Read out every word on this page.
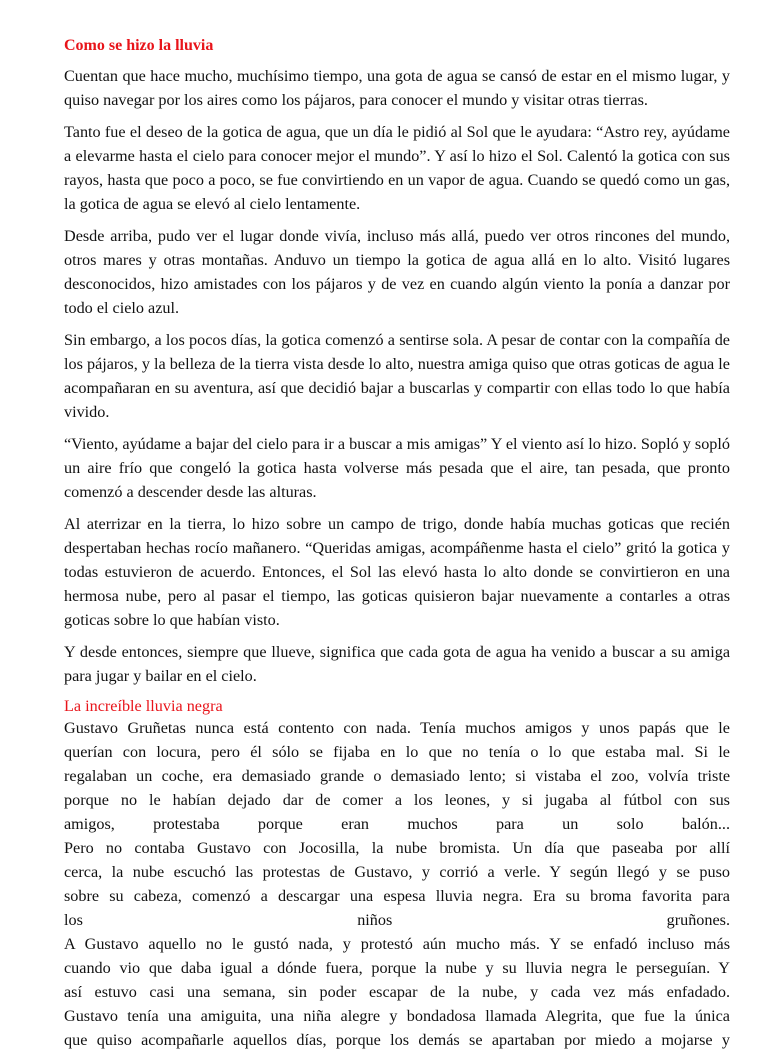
Como se hizo la lluvia

Cuentan que hace mucho, muchísimo tiempo, una gota de agua se cansó de estar en el mismo lugar, y quiso navegar por los aires como los pájaros, para conocer el mundo y visitar otras tierras.

Tanto fue el deseo de la gotica de agua, que un día le pidió al Sol que le ayudara: “Astro rey, ayúdame a elevarme hasta el cielo para conocer mejor el mundo”. Y así lo hizo el Sol. Calentó la gotica con sus rayos, hasta que poco a poco, se fue convirtiendo en un vapor de agua. Cuando se quedó como un gas, la gotica de agua se elevó al cielo lentamente.

Desde arriba, pudo ver el lugar donde vivía, incluso más allá, puedo ver otros rincones del mundo, otros mares y otras montañas. Anduvo un tiempo la gotica de agua allá en lo alto. Visitó lugares desconocidos, hizo amistades con los pájaros y de vez en cuando algún viento la ponía a danzar por todo el cielo azul.

Sin embargo, a los pocos días, la gotica comenzó a sentirse sola. A pesar de contar con la compañía de los pájaros, y la belleza de la tierra vista desde lo alto, nuestra amiga quiso que otras goticas de agua le acompañaran en su aventura, así que decidió bajar a buscarlas y compartir con ellas todo lo que había vivido.

“Viento, ayúdame a bajar del cielo para ir a buscar a mis amigas” Y el viento así lo hizo. Sopló y sopló un aire frío que congeló la gotica hasta volverse más pesada que el aire, tan pesada, que pronto comenzó a descender desde las alturas.

Al aterrizar en la tierra, lo hizo sobre un campo de trigo, donde había muchas goticas que recién despertaban hechas rocío mañanero. “Queridas amigas, acompáñenme hasta el cielo” gritó la gotica y todas estuvieron de acuerdo. Entonces, el Sol las elevó hasta lo alto donde se convirtieron en una hermosa nube, pero al pasar el tiempo, las goticas quisieron bajar nuevamente a contarles a otras goticas sobre lo que habían visto.

Y desde entonces, siempre que llueve, significa que cada gota de agua ha venido a buscar a su amiga para jugar y bailar en el cielo.

La increíble lluvia negra
Gustavo Gruñetas nunca está contento con nada. Tenía muchos amigos y unos papás que le
querían con locura, pero él sólo se fijaba en lo que no tenía o lo que estaba mal. Si le
regalaban un coche, era demasiado grande o demasiado lento; si vistaba el zoo, volvía triste
porque no le habían dejado dar de comer a los leones, y si jugaba al fútbol con sus
amigos, protestaba porque eran muchos para un solo balón...
Pero no contaba Gustavo con Jocosilla, la nube bromista. Un día que paseaba por allí
cerca, la nube escuchó las protestas de Gustavo, y corrió a verle. Y según llegó y se puso
sobre su cabeza, comenzó a descargar una espesa lluvia negra. Era su broma favorita para
los niños gruñones.
A Gustavo aquello no le gustó nada, y protestó aún mucho más. Y se enfadó incluso más
cuando vio que daba igual a dónde fuera, porque la nube y su lluvia negra le perseguían. Y
así estuvo casi una semana, sin poder escapar de la nube, y cada vez más enfadado.
Gustavo tenía una amiguita, una niña alegre y bondadosa llamada Alegrita, que fue la única
que quiso acompañarle aquellos días, porque los demás se apartaban por miedo a mojarse y
